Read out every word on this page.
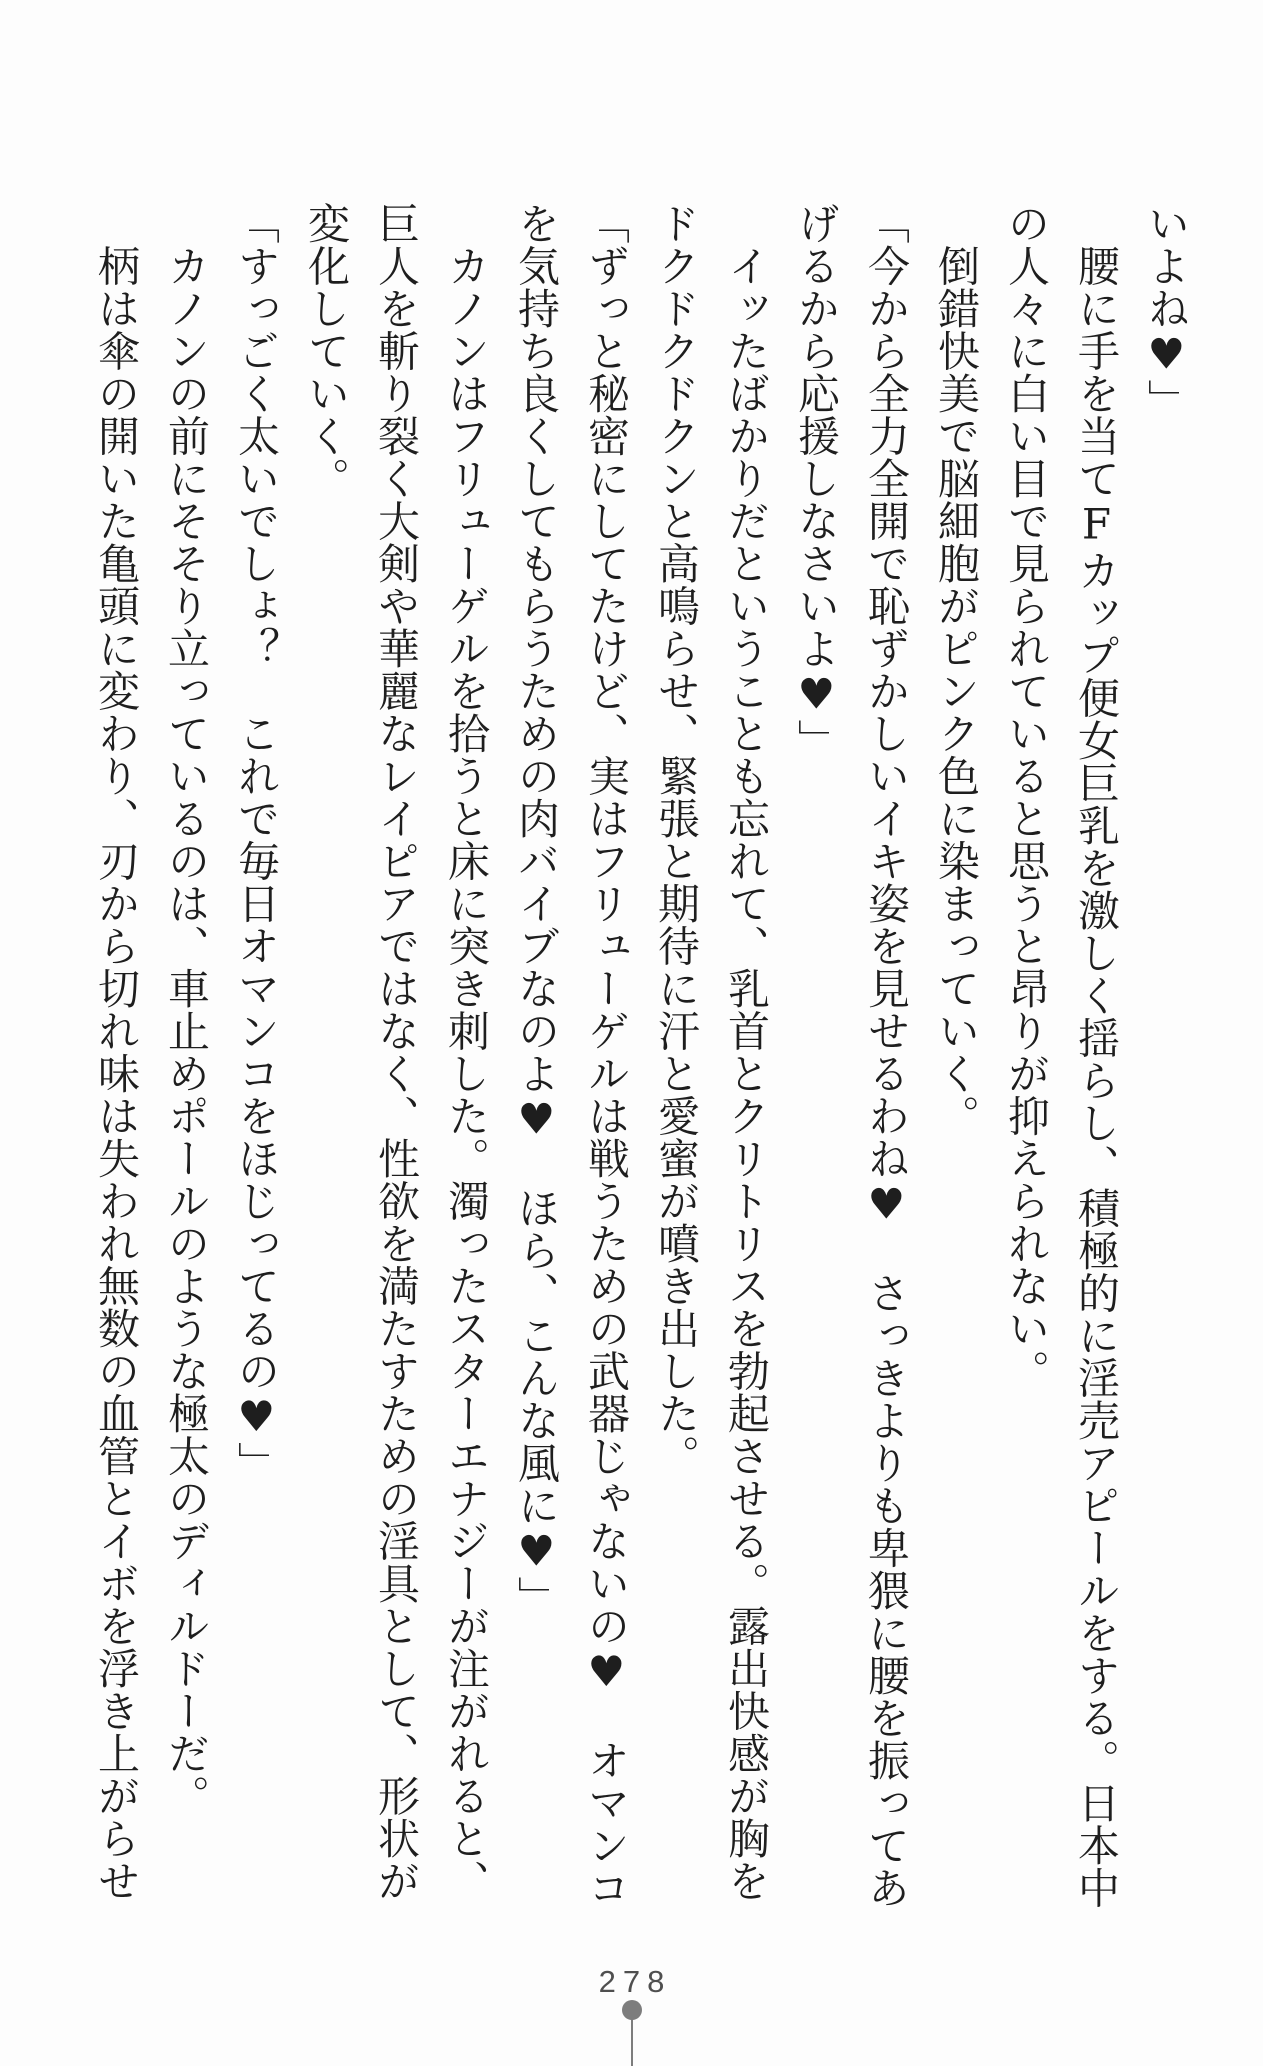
いよね♥」
　腰に手を当てFカップ便女巨乳を激しく揺らし、積極的に淫売アピールをする。日本中
の人々に白い目で見られていると思うと昂りが抑えられない。
　倒錯快美で脳細胞がピンク色に染まっていく。
「今から全力全開で恥ずかしいイキ姿を見せるわね♥　さっきよりも卑猥に腰を振ってあ
げるから応援しなさいよ♥」
　イッたばかりだということも忘れて、乳首とクリトリスを勃起させる。露出快感が胸を
ドクドクドクンと高鳴らせ、緊張と期待に汗と愛蜜が噴き出した。
「ずっと秘密にしてたけど、実はフリューゲルは戦うための武器じゃないの♥　オマンコ
を気持ち良くしてもらうための肉バイブなのよ♥　ほら、こんな風に♥」
　カノンはフリューゲルを拾うと床に突き刺した。濁ったスターエナジーが注がれると、
巨人を斬り裂く大剣や華麗なレイピアではなく、性欲を満たすための淫具として、形状が
変化していく。
「すっごく太いでしょ？　これで毎日オマンコをほじってるの♥」
　カノンの前にそそり立っているのは、車止めポールのような極太のディルドーだ。
　柄は傘の開いた亀頭に変わり、刃から切れ味は失われ無数の血管とイボを浮き上がらせ
278
